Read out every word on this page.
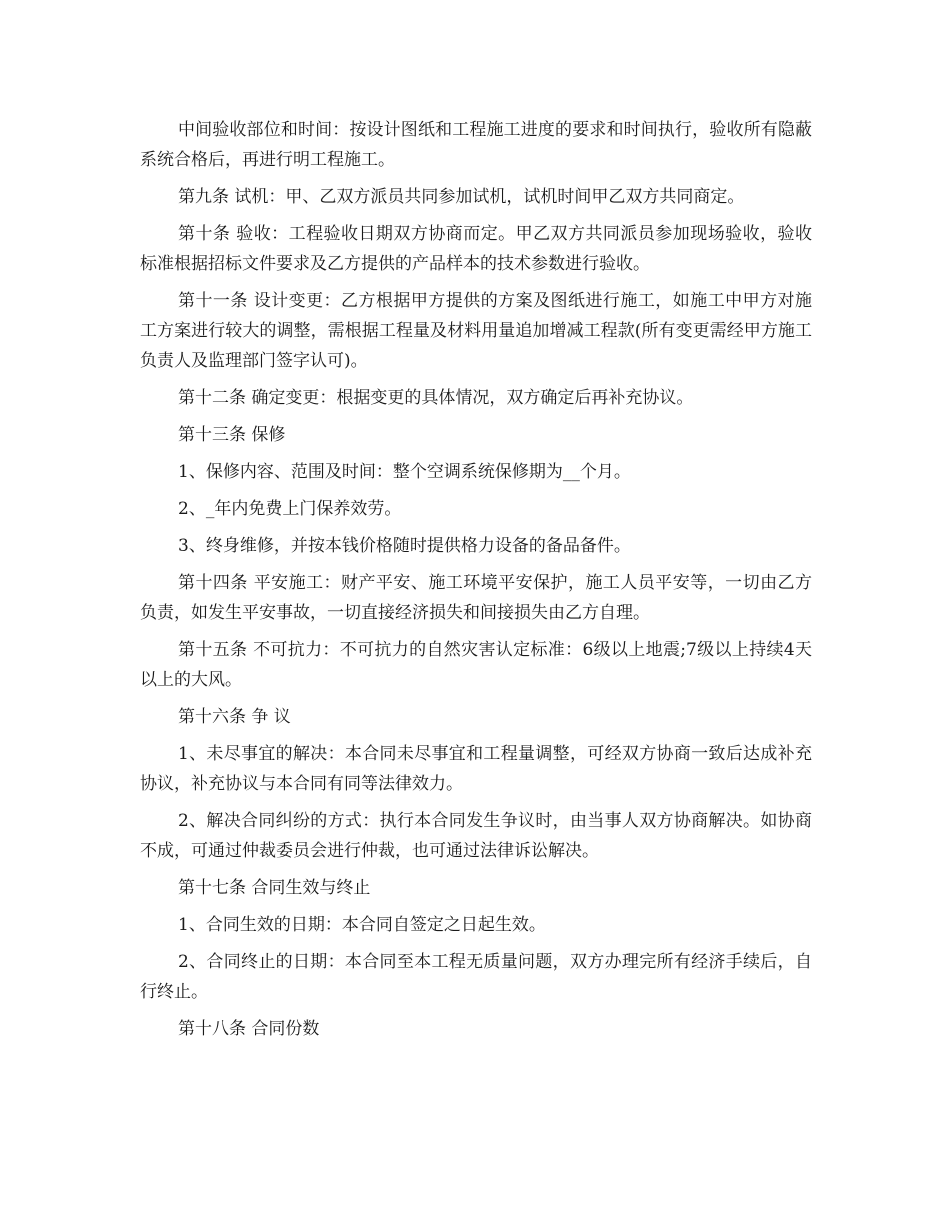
中间验收部位和时间：按设计图纸和工程施工进度的要求和时间执行，验收所有隐蔽系统合格后，再进行明工程施工。

第九条 试机：甲、乙双方派员共同参加试机，试机时间甲乙双方共同商定。

第十条 验收：工程验收日期双方协商而定。甲乙双方共同派员参加现场验收，验收标准根据招标文件要求及乙方提供的产品样本的技术参数进行验收。

第十一条 设计变更：乙方根据甲方提供的方案及图纸进行施工，如施工中甲方对施工方案进行较大的调整，需根据工程量及材料用量追加增减工程款(所有变更需经甲方施工负责人及监理部门签字认可)。

第十二条 确定变更：根据变更的具体情况，双方确定后再补充协议。

第十三条 保修

1、保修内容、范围及时间：整个空调系统保修期为__个月。

2、_年内免费上门保养效劳。

3、终身维修，并按本钱价格随时提供格力设备的备品备件。

第十四条 平安施工：财产平安、施工环境平安保护，施工人员平安等，一切由乙方负责，如发生平安事故，一切直接经济损失和间接损失由乙方自理。

第十五条 不可抗力：不可抗力的自然灾害认定标准：6级以上地震;7级以上持续4天以上的大风。

第十六条 争 议

1、未尽事宜的解决：本合同未尽事宜和工程量调整，可经双方协商一致后达成补充协议，补充协议与本合同有同等法律效力。

2、解决合同纠纷的方式：执行本合同发生争议时，由当事人双方协商解决。如协商不成，可通过仲裁委员会进行仲裁，也可通过法律诉讼解决。

第十七条 合同生效与终止

1、合同生效的日期：本合同自签定之日起生效。

2、合同终止的日期：本合同至本工程无质量问题，双方办理完所有经济手续后，自行终止。

第十八条 合同份数
